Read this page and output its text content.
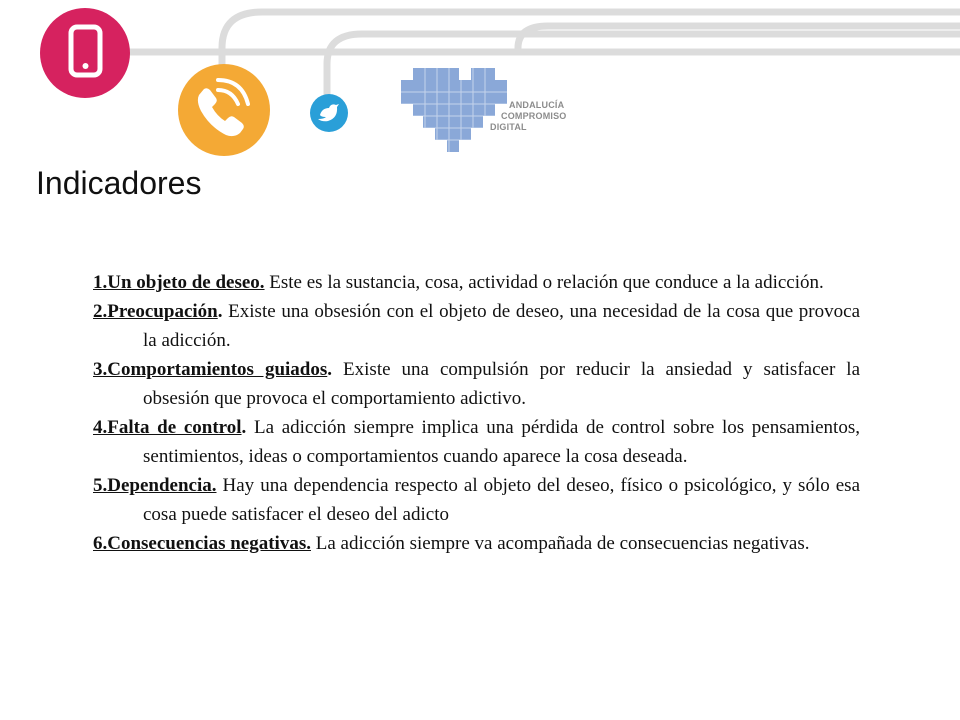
ANDALUCÍA
COMPROMISO
DIGITAL
Indicadores
1.Un objeto de deseo. Este es la sustancia, cosa, actividad o relación que conduce a la adicción.
2.Preocupación. Existe una obsesión con el objeto de deseo, una necesidad de la cosa que provoca la adicción.
3.Comportamientos guiados. Existe una compulsión por reducir la ansiedad y satisfacer la obsesión que provoca el comportamiento adictivo.
4.Falta de control. La adicción siempre implica una pérdida de control sobre los pensamientos, sentimientos, ideas o comportamientos cuando aparece la cosa deseada.
5.Dependencia. Hay una dependencia respecto al objeto del deseo, físico o psicológico, y sólo esa cosa puede satisfacer el deseo del adicto
6.Consecuencias negativas. La adicción siempre va acompañada de consecuencias negativas.
